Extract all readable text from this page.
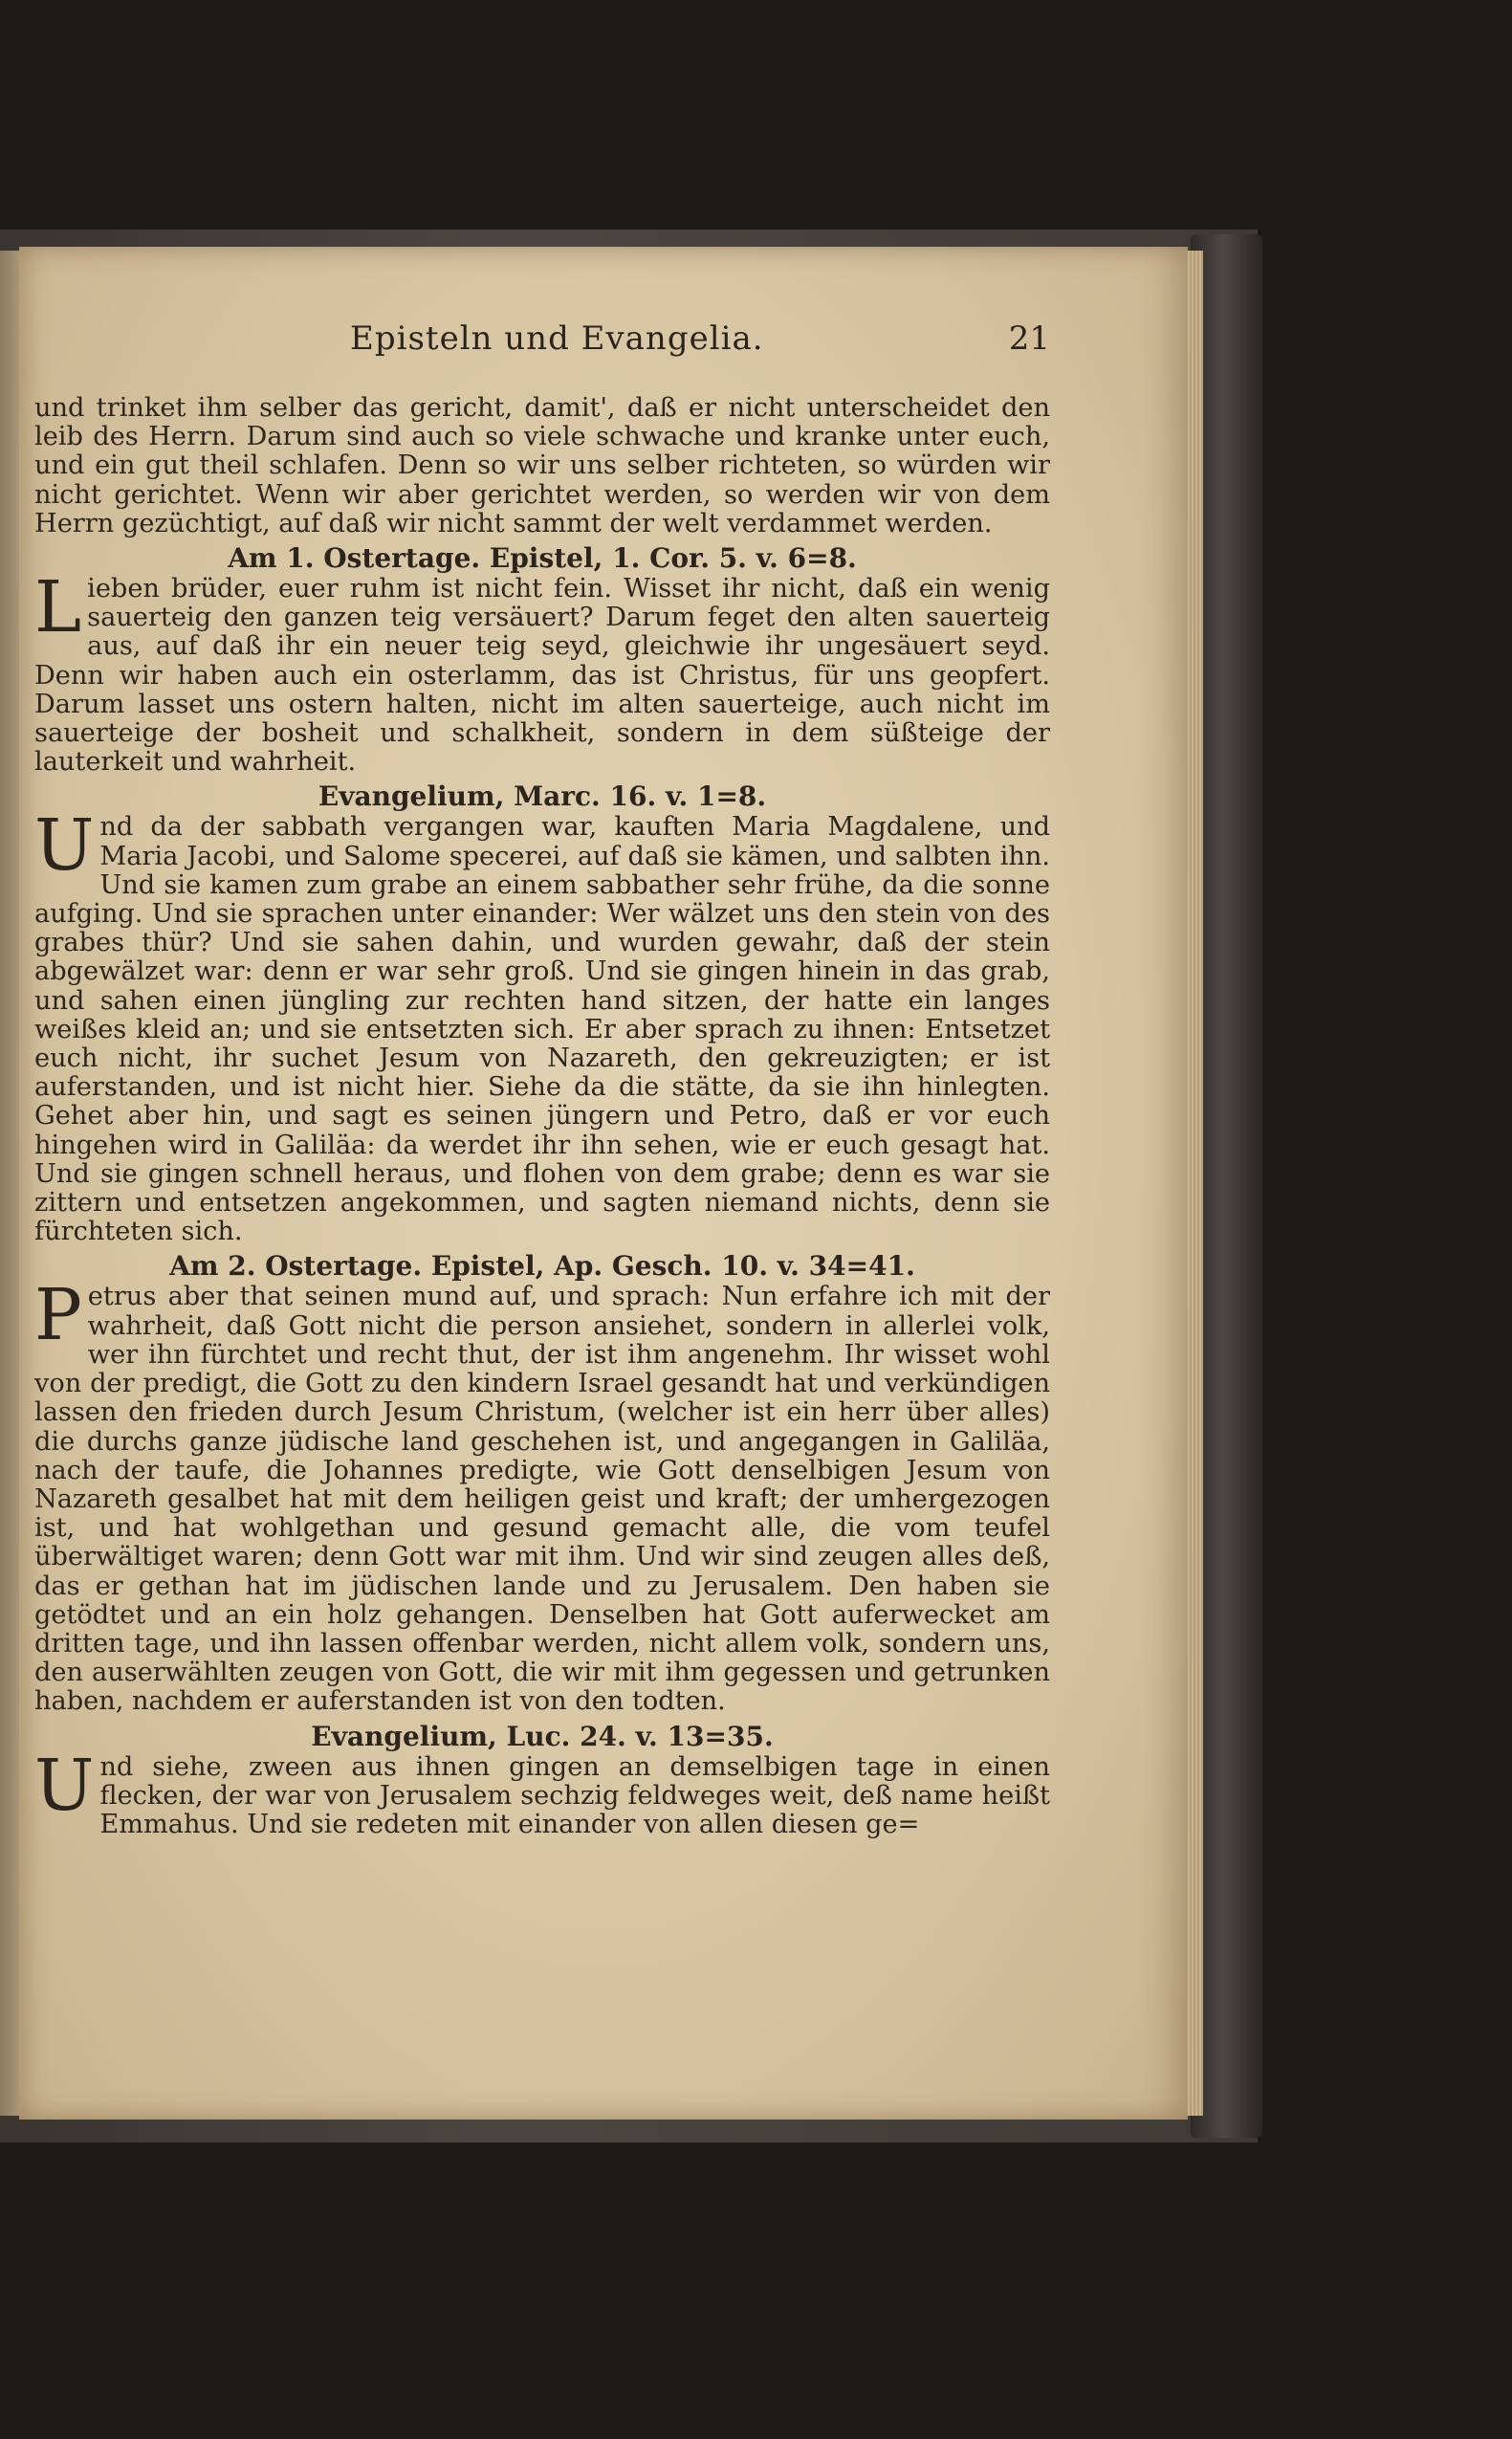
Episteln und Evangelia.	21

und trinket ihm selber das gericht, damit', daß er nicht unterscheidet den leib des Herrn. Darum sind auch so viele schwache und kranke unter euch, und ein gut theil schlafen. Denn so wir uns selber richteten, so würden wir nicht gerichtet. Wenn wir aber gerichtet werden, so werden wir von dem Herrn gezüchtigt, auf daß wir nicht sammt der welt verdammet werden.

Am 1. Ostertage. Epistel, 1. Cor. 5. v. 6=8.

Lieben brüder, euer ruhm ist nicht fein. Wisset ihr nicht, daß ein wenig sauerteig den ganzen teig versäuert? Darum feget den alten sauerteig aus, auf daß ihr ein neuer teig seyd, gleichwie ihr ungesäuert seyd. Denn wir haben auch ein osterlamm, das ist Christus, für uns geopfert. Darum lasset uns ostern halten, nicht im alten sauerteige, auch nicht im sauerteige der bosheit und schalkheit, sondern in dem süßteige der lauterkeit und wahrheit.

Evangelium, Marc. 16. v. 1=8.

Und da der sabbath vergangen war, kauften Maria Magdalene, und Maria Jacobi, und Salome specerei, auf daß sie kämen, und salbten ihn. Und sie kamen zum grabe an einem sabbather sehr frühe, da die sonne aufging. Und sie sprachen unter einander: Wer wälzet uns den stein von des grabes thür? Und sie sahen dahin, und wurden gewahr, daß der stein abgewälzet war: denn er war sehr groß. Und sie gingen hinein in das grab, und sahen einen jüngling zur rechten hand sitzen, der hatte ein langes weißes kleid an; und sie entsetzten sich. Er aber sprach zu ihnen: Entsetzet euch nicht, ihr suchet Jesum von Nazareth, den gekreuzigten; er ist auferstanden, und ist nicht hier. Siehe da die stätte, da sie ihn hinlegten. Gehet aber hin, und sagt es seinen jüngern und Petro, daß er vor euch hingehen wird in Galiläa: da werdet ihr ihn sehen, wie er euch gesagt hat. Und sie gingen schnell heraus, und flohen von dem grabe; denn es war sie zittern und entsetzen angekommen, und sagten niemand nichts, denn sie fürchteten sich.

Am 2. Ostertage. Epistel, Ap. Gesch. 10. v. 34=41.

Petrus aber that seinen mund auf, und sprach: Nun erfahre ich mit der wahrheit, daß Gott nicht die person ansiehet, sondern in allerlei volk, wer ihn fürchtet und recht thut, der ist ihm angenehm. Ihr wisset wohl von der predigt, die Gott zu den kindern Israel gesandt hat und verkündigen lassen den frieden durch Jesum Christum, (welcher ist ein herr über alles) die durchs ganze jüdische land geschehen ist, und angegangen in Galiläa, nach der taufe, die Johannes predigte, wie Gott denselbigen Jesum von Nazareth gesalbet hat mit dem heiligen geist und kraft; der umhergezogen ist, und hat wohlgethan und gesund gemacht alle, die vom teufel überwältiget waren; denn Gott war mit ihm. Und wir sind zeugen alles deß, das er gethan hat im jüdischen lande und zu Jerusalem. Den haben sie getödtet und an ein holz gehangen. Denselben hat Gott auferwecket am dritten tage, und ihn lassen offenbar werden, nicht allem volk, sondern uns, den auserwählten zeugen von Gott, die wir mit ihm gegessen und getrunken haben, nachdem er auferstanden ist von den todten.

Evangelium, Luc. 24. v. 13=35.

Und siehe, zween aus ihnen gingen an demselbigen tage in einen flecken, der war von Jerusalem sechzig feldweges weit, deß name heißt Emmahus. Und sie redeten mit einander von allen diesen ge=
